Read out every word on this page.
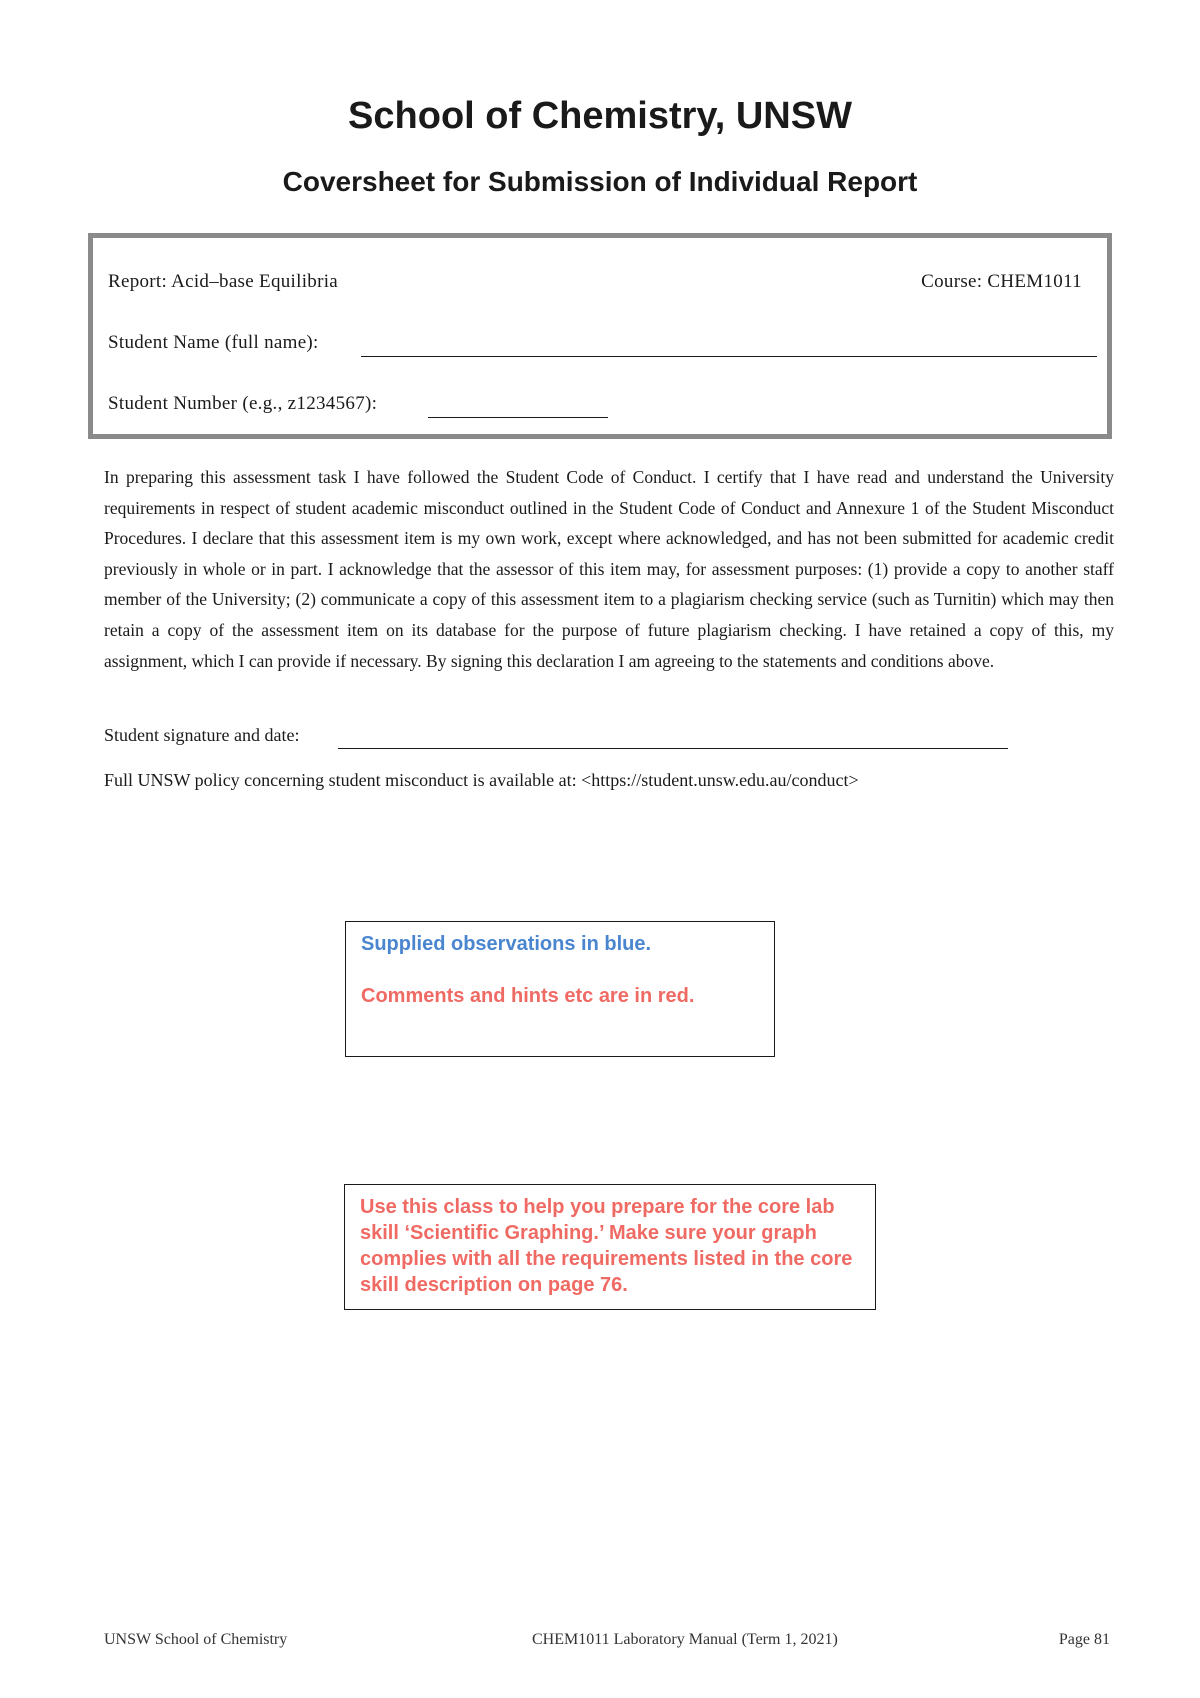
School of Chemistry, UNSW
Coversheet for Submission of Individual Report
Report: Acid–base Equilibria	Course: CHEM1011
Student Name (full name):
Student Number (e.g., z1234567):

In preparing this assessment task I have followed the Student Code of Conduct. I certify that I have read and understand the University requirements in respect of student academic misconduct outlined in the Student Code of Conduct and Annexure 1 of the Student Misconduct Procedures. I declare that this assessment item is my own work, except where acknowledged, and has not been submitted for academic credit previously in whole or in part. I acknowledge that the assessor of this item may, for assessment purposes: (1) provide a copy to another staff member of the University; (2) communicate a copy of this assessment item to a plagiarism checking service (such as Turnitin) which may then retain a copy of the assessment item on its database for the purpose of future plagiarism checking. I have retained a copy of this, my assignment, which I can provide if necessary. By signing this declaration I am agreeing to the statements and conditions above.

Student signature and date:
Full UNSW policy concerning student misconduct is available at: <https://student.unsw.edu.au/conduct>
Supplied observations in blue.
Comments and hints etc are in red.

Use this class to help you prepare for the core lab skill ‘Scientific Graphing.’ Make sure your graph complies with all the requirements listed in the core skill description on page 76.

UNSW School of Chemistry	CHEM1011 Laboratory Manual (Term 1, 2021)	Page 81
